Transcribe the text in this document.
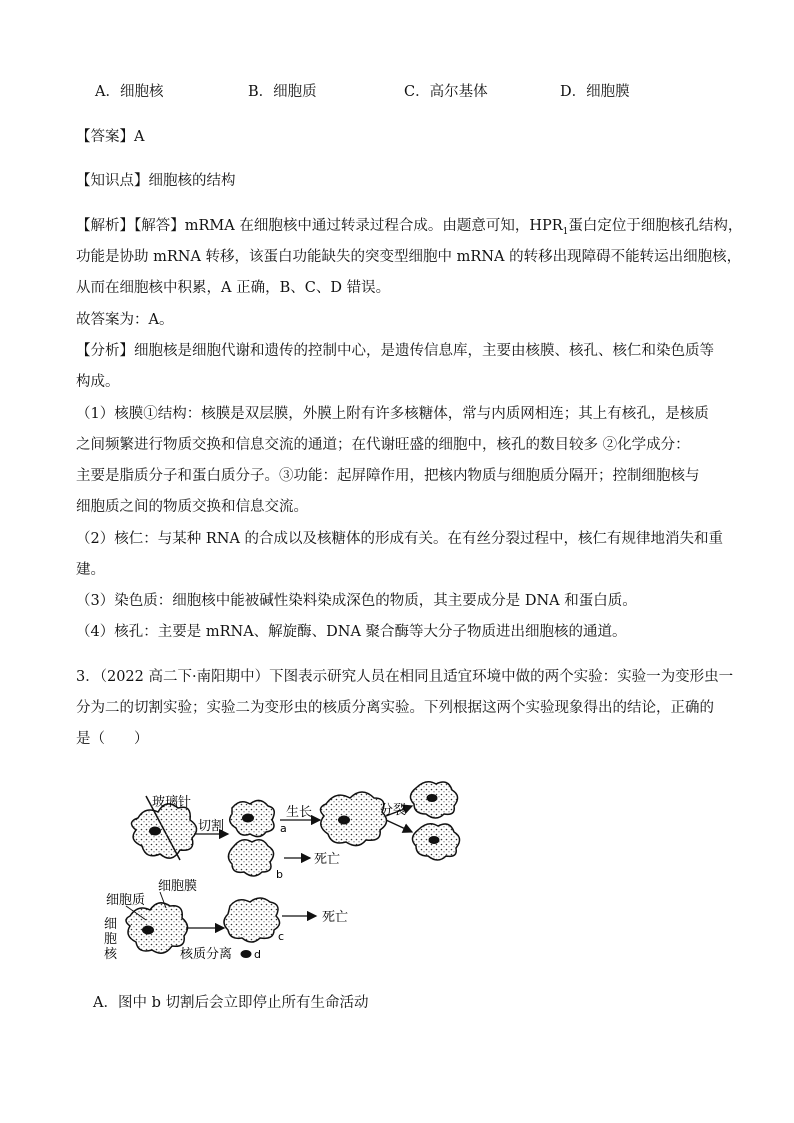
A．细胞核	B．细胞质	C．高尔基体	D．细胞膜
【答案】A
【知识点】细胞核的结构
【解析】【解答】mRMA 在细胞核中通过转录过程合成。由题意可知，$HPR_1$蛋白定位于细胞核孔结构，
功能是协助 mRNA 转移，该蛋白功能缺失的突变型细胞中 mRNA 的转移出现障碍不能转运出细胞核，
从而在细胞核中积累，A 正确，B、C、D 错误。
故答案为：A。
【分析】细胞核是细胞代谢和遗传的控制中心，是遗传信息库，主要由核膜、核孔、核仁和染色质等
构成。
（1）核膜①结构：核膜是双层膜，外膜上附有许多核糖体，常与内质网相连；其上有核孔，是核质
之间频繁进行物质交换和信息交流的通道；在代谢旺盛的细胞中，核孔的数目较多 ②化学成分：
主要是脂质分子和蛋白质分子。③功能：起屏障作用，把核内物质与细胞质分隔开；控制细胞核与
细胞质之间的物质交换和信息交流。
（2）核仁：与某种 RNA 的合成以及核糖体的形成有关。在有丝分裂过程中，核仁有规律地消失和重
建。
（3）染色质：细胞核中能被碱性染料染成深色的物质，其主要成分是 DNA 和蛋白质。
（4）核孔：主要是 mRNA、解旋酶、DNA 聚合酶等大分子物质进出细胞核的通道。
3．（2022 高二下·南阳期中）下图表示研究人员在相同且适宜环境中做的两个实验：实验一为变形虫一
分为二的切割实验；实验二为变形虫的核质分离实验。下列根据这两个实验现象得出的结论，正确的
是（　　）
玻璃针
切割	a
生长	分裂
b
死亡
细胞膜
细胞质
细胞核	核质分离 d
c
死亡
A．图中 b 切割后会立即停止所有生命活动
